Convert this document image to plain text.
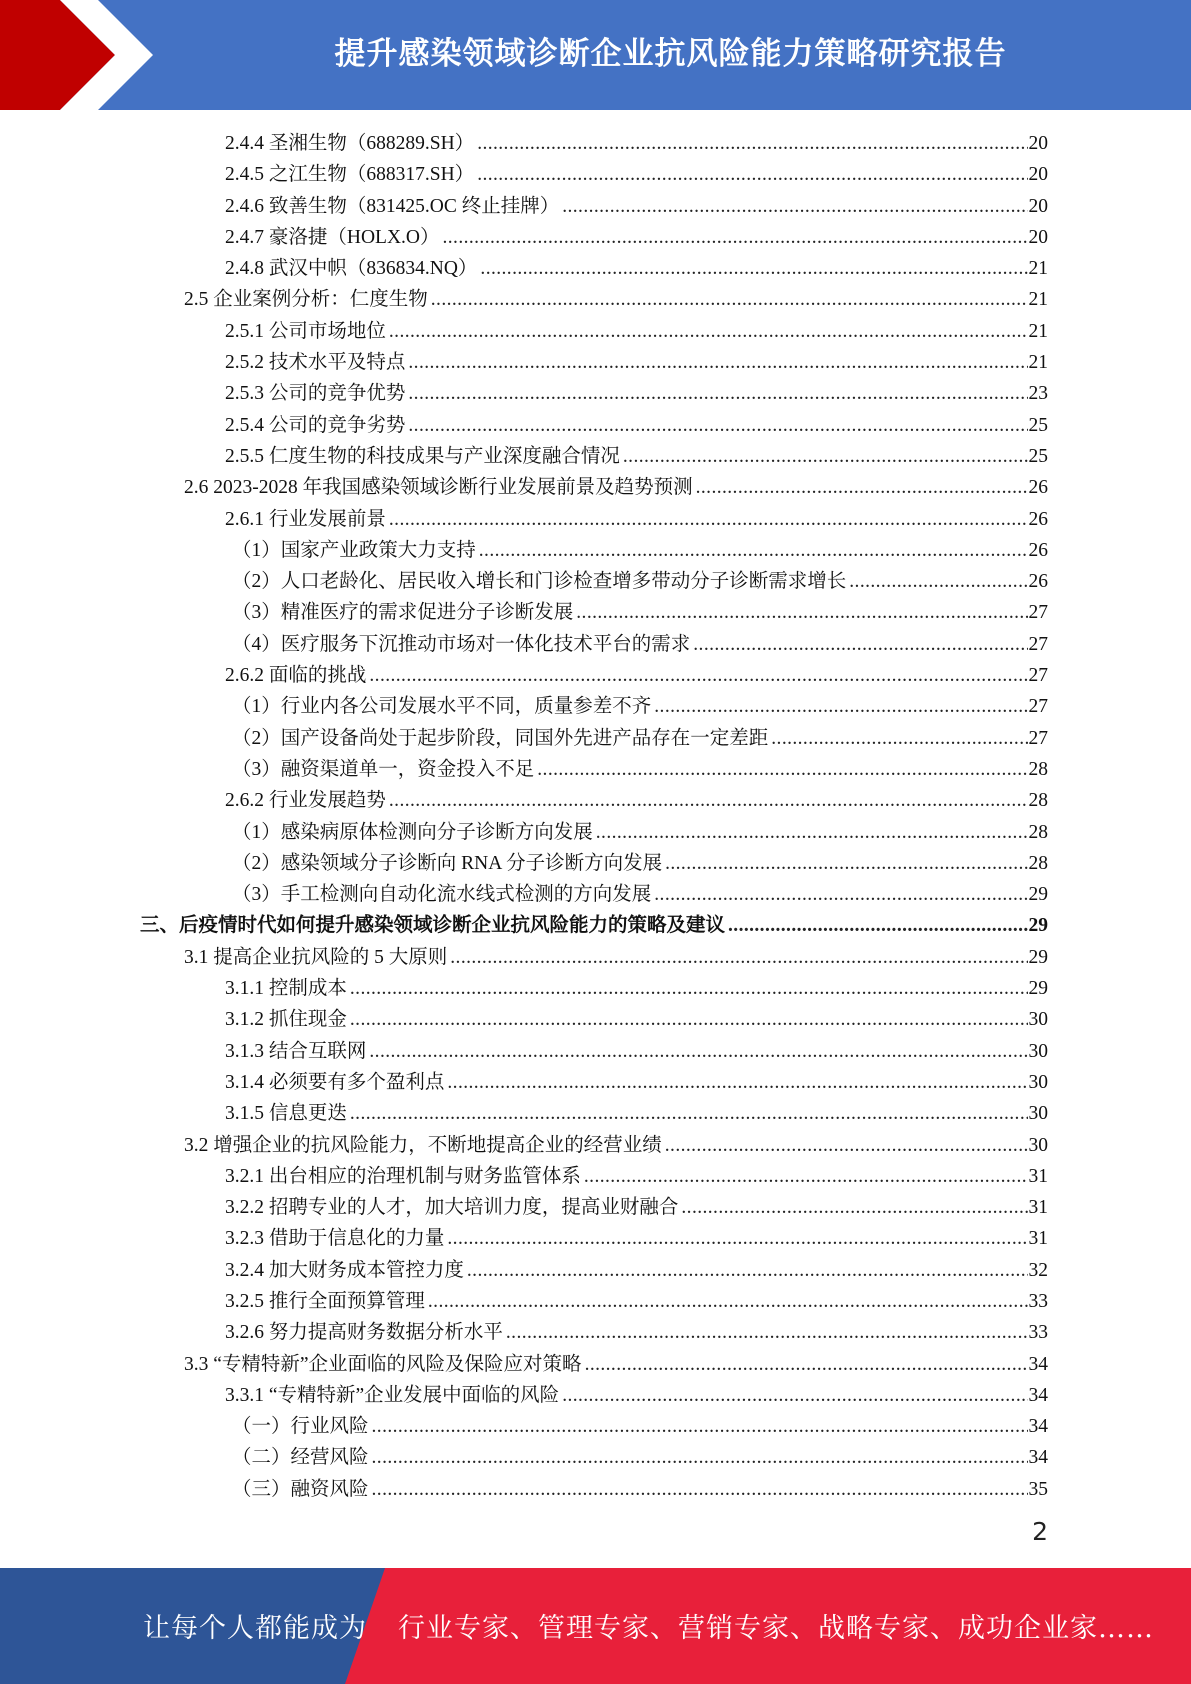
提升感染领域诊断企业抗风险能力策略研究报告
2.4.4 圣湘生物（688289.SH） .....	20
2.4.5 之江生物（688317.SH） .....	20
2.4.6 致善生物（831425.OC 终止挂牌） .....	20
2.4.7 豪洛捷（HOLX.O） .....	20
2.4.8 武汉中帜（836834.NQ） .....	21
2.5 企业案例分析：仁度生物 .....	21
2.5.1 公司市场地位 .....	21
2.5.2 技术水平及特点 .....	21
2.5.3 公司的竞争优势 .....	23
2.5.4 公司的竞争劣势 .....	25
2.5.5 仁度生物的科技成果与产业深度融合情况 .....	25
2.6 2023-2028 年我国感染领域诊断行业发展前景及趋势预测 .....	26
2.6.1 行业发展前景 .....	26
（1）国家产业政策大力支持 .....	26
（2）人口老龄化、居民收入增长和门诊检查增多带动分子诊断需求增长 .....	26
（3）精准医疗的需求促进分子诊断发展 .....	27
（4）医疗服务下沉推动市场对一体化技术平台的需求 .....	27
2.6.2 面临的挑战 .....	27
（1）行业内各公司发展水平不同，质量参差不齐 .....	27
（2）国产设备尚处于起步阶段，同国外先进产品存在一定差距 .....	27
（3）融资渠道单一，资金投入不足 .....	28
2.6.2 行业发展趋势 .....	28
（1）感染病原体检测向分子诊断方向发展 .....	28
（2）感染领域分子诊断向 RNA 分子诊断方向发展 .....	28
（3）手工检测向自动化流水线式检测的方向发展 .....	29
三、后疫情时代如何提升感染领域诊断企业抗风险能力的策略及建议 .....	29
3.1 提高企业抗风险的 5 大原则 .....	29
3.1.1 控制成本 .....	29
3.1.2 抓住现金 .....	30
3.1.3 结合互联网 .....	30
3.1.4 必须要有多个盈利点 .....	30
3.1.5 信息更迭 .....	30
3.2 增强企业的抗风险能力，不断地提高企业的经营业绩 .....	30
3.2.1 出台相应的治理机制与财务监管体系 .....	31
3.2.2 招聘专业的人才，加大培训力度，提高业财融合 .....	31
3.2.3 借助于信息化的力量 .....	31
3.2.4 加大财务成本管控力度 .....	32
3.2.5 推行全面预算管理 .....	33
3.2.6 努力提高财务数据分析水平 .....	33
3.3 “专精特新”企业面临的风险及保险应对策略 .....	34
3.3.1 “专精特新”企业发展中面临的风险 .....	34
（一）行业风险 .....	34
（二）经营风险 .....	34
（三）融资风险 .....	35
2
让每个人都能成为 行业专家、管理专家、营销专家、战略专家、成功企业家……
